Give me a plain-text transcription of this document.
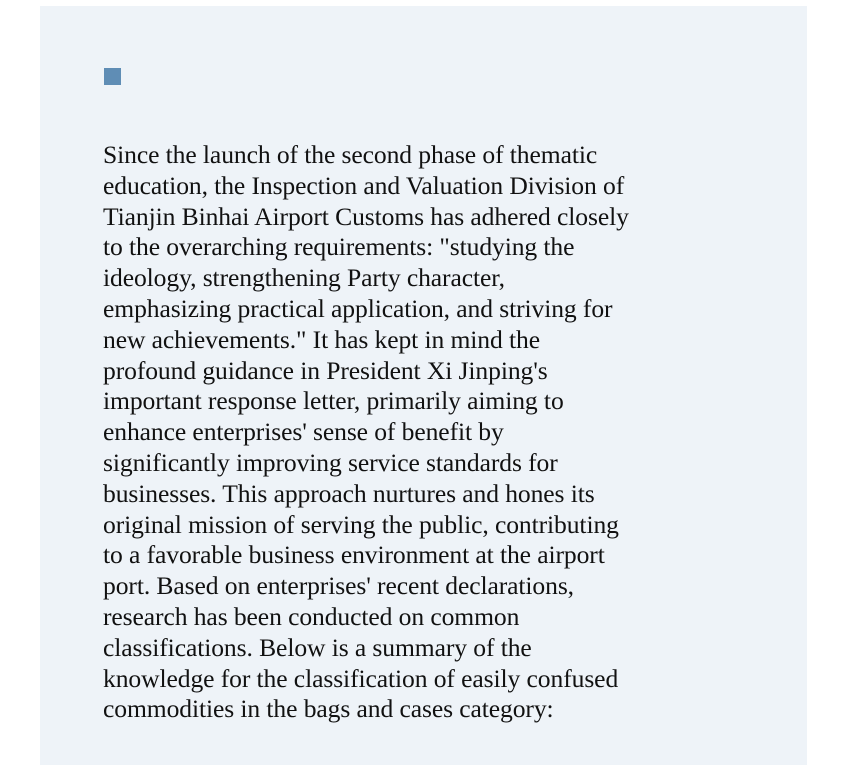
Since the launch of the second phase of thematic
education, the Inspection and Valuation Division of
Tianjin Binhai Airport Customs has adhered closely
to the overarching requirements: "studying the
ideology, strengthening Party character,
emphasizing practical application, and striving for
new achievements." It has kept in mind the
profound guidance in President Xi Jinping's
important response letter, primarily aiming to
enhance enterprises' sense of benefit by
significantly improving service standards for
businesses. This approach nurtures and hones its
original mission of serving the public, contributing
to a favorable business environment at the airport
port. Based on enterprises' recent declarations,
research has been conducted on common
classifications. Below is a summary of the
knowledge for the classification of easily confused
commodities in the bags and cases category:
